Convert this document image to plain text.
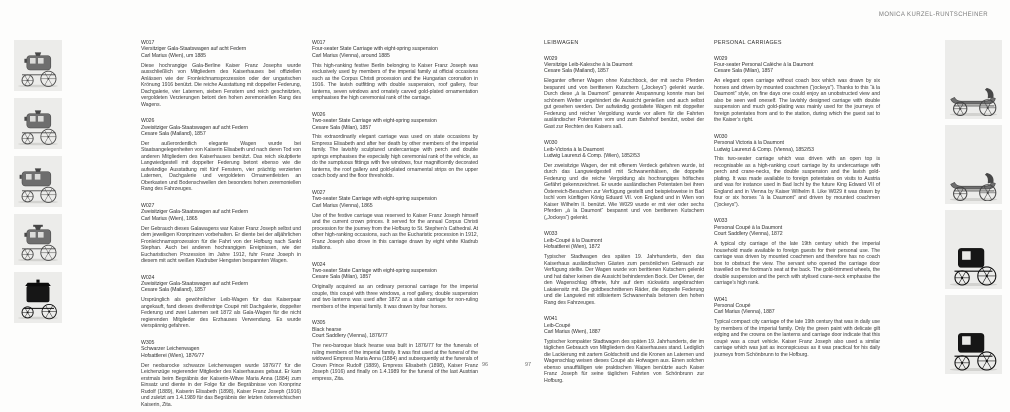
MONICA KURZEL-RUNTSCHEINER
W017
Viersitziger Gala-Staatswagen auf acht Federn
Carl Marius (Wien), um 1885
Diese hochrangige Gala-Berline Kaiser Franz Josephs wurde ausschließlich von Mitgliedern des Kaiserhauses bei offiziellen Anlässen wie der Fronleichnamsprozession oder der ungarischen Krönung 1916 benützt. Die reiche Ausstattung mit doppelter Federung, Dachgalerie, vier Laternen, sieben Fenstern und reich geschnitzten, vergoldeten Verzierungen betont den hohen zeremoniellen Rang des Wagens.
W026
Zweisitziger Gala-Staatswagen auf acht Federn
Cesare Sala (Mailand), 1857
Der außerordentlich elegante Wagen wurde bei Staatsangelegenheiten von Kaiserin Elisabeth und nach deren Tod von anderen Mitgliedern des Kaiserhauses benützt. Das reich skulptierte Langwiedgestell mit doppelter Federung betont ebenso wie die aufwändige Ausstattung mit fünf Fenstern, vier prächtig verzierten Laternen, Dachgalerie und vergoldeten Ornamentleisten an Oberkasten und Bodenschwellen den besonders hohen zeremoniellen Rang des Fahrzeuges.
W027
Zweisitziger Gala-Staatswagen auf acht Federn
Carl Marius (Wien), 1865
Der Gebrauch dieses Galawagens war Kaiser Franz Joseph selbst und dem jeweiligen Kronprinzen vorbehalten. Er diente bei der alljährlichen Fronleichnamsprozession für die Fahrt von der Hofburg nach Sankt Stephan. Auch bei anderen hochrangigen Ereignissen, wie der Eucharistischen Prozession im Jahre 1912, fuhr Franz Joseph in diesem mit acht weißen Kladruber Hengsten bespannten Wagen.
W024
Zweisitziger Gala-Staatswagen auf acht Federn
Cesare Sala (Mailand), 1857
Ursprünglich als gewöhnlicher Leib-Wagen für das Kaiserpaar angekauft, fand dieses dreifenstrige Coupé mit Dachgalerie, doppelter Federung und zwei Laternen seit 1872 als Gala-Wagen für die nicht regierenden Mitglieder des Erzhauses Verwendung. Es wurde vierspännig gefahren.
W305
Schwarzer Leichenwagen
Hofsattlerei (Wien), 1876/77
Der neobarocke schwarze Leichenwagen wurde 1876/77 für die Leichenzüge regierender Mitglieder des Kaiserhauses gebaut. Er kam erstmals beim Begräbnis der Kaiserin-Witwe Maria Anna (1884) zum Einsatz und diente in der Folge für die Begräbnisse von Kronprinz Rudolf (1889), Kaiserin Elisabeth (1898), Kaiser Franz Joseph (1916) und zuletzt am 1.4.1989 für das Begräbnis der letzten österreichischen Kaiserin, Zita.
W017
Four-seater State Carriage with eight-spring suspension
Carl Marius (Vienna), around 1885
This high-ranking festive Berlin belonging to Kaiser Franz Joseph was exclusively used by members of the imperial family at official occasions such as the Corpus Christi procession and the Hungarian coronation in 1916. The lavish outfitting with double suspension, roof gallery, four lanterns, seven windows and ornately carved gold-plated ornamentation emphasises the high ceremonial rank of the carriage.
W026
Two-seater State Carriage with eight-spring suspension
Cesare Sala (Milan), 1857
This extraordinarily elegant carriage was used on state occasions by Empress Elisabeth and after her death by other members of the imperial family. The lavishly sculptured undercarriage with perch and double springs emphasises the especially high ceremonial rank of the vehicle, as do the sumptuous fittings with five windows, four magnificently decorated lanterns, the roof gallery and gold-plated ornamental strips on the upper coach body and the floor thresholds.
W027
Two-seater State Carriage with eight-spring suspension
Carl Marius (Vienna), 1865
Use of the festive carriage was reserved to Kaiser Franz Joseph himself and the current crown princes. It served for the annual Corpus Christi procession for the journey from the Hofburg to St. Stephen's Cathedral. At other high-ranking occasions, such as the Eucharistic procession in 1912, Franz Joseph also drove in this carriage drawn by eight white Kladrub stallions.
W024
Two-seater State Carriage with eight-spring suspension
Cesare Sala (Milan), 1857
Originally acquired as an ordinary personal carriage for the imperial couple, this coupé with three windows, a roof gallery, double suspension and two lanterns was used after 1872 as a state carriage for non-ruling members of the imperial family. It was drawn by four horses.
W305
Black hearse
Court Saddlery (Vienna), 1876/77
The neo-baroque black hearse was built in 1876/77 for the funerals of ruling members of the imperial family. It was first used at the funeral of the widowed Empress Maria Anna (1884) and subsequently at the funerals of Crown Prince Rudolf (1889), Empress Elisabeth (1898), Kaiser Franz Joseph (1916) and finally on 1.4.1989 for the funeral of the last Austrian empress, Zita.
LEIBWAGEN
W029
Viersitzige Leib-Kalesche à la Daumont
Cesare Sala (Mailand), 1857
Eleganter offener Wagen ohne Kutschbock, der mit sechs Pferden bespannt und von berittenen Kutschern („Jockeys“) gelenkt wurde. Durch diese „à la Daumont“ genannte Anspannung konnte man bei schönem Wetter ungehindert die Aussicht genießen und auch selbst gut gesehen werden. Der aufwändig gestaltete Wagen mit doppelter Federung und reicher Vergoldung wurde vor allem für die Fahrten ausländischer Potentaten vom und zum Bahnhof benützt, wobei der Gast zur Rechten des Kaisers saß.
W030
Leib-Victoria à la Daumont
Ludwig Laurenzi & Comp. (Wien), 1852/53
Der zweisitzige Wagen, der mit offenem Verdeck gefahren wurde, ist durch das Langwiedgestell mit Schwanenhälsen, die doppelte Federung und die reiche Vergoldung als hochrangiges höfisches Gefährt gekennzeichnet. Er wurde ausländischen Potentaten bei ihren Österreich-Besuchen zur Verfügung gestellt und beispielsweise in Bad Ischl vom künftigen König Eduard VII. von England und in Wien von Kaiser Wilhelm II. benützt. Wie W029 wurde er mit vier oder sechs Pferden „à la Daumont“ bespannt und von berittenen Kutschern („Jockeys“) gelenkt.
W033
Leib-Coupé à la Daumont
Hofsattlerei (Wien), 1872
Typischer Stadtwagen des späten 19. Jahrhunderts, den das Kaiserhaus ausländischen Gästen zum persönlichen Gebrauch zur Verfügung stellte. Der Wagen wurde von berittenen Kutschern gelenkt und hat daher keinen die Aussicht behindernden Bock. Der Diener, der den Wagenschlag öffnete, fuhr auf dem rückwärts angebrachten Lakaiensitz mit. Die goldbeschnittenen Räder, die doppelte Federung und die Langwied mit stilisiertem Schwanenhals betonen den hohen Rang des Fahrzeuges.
W041
Leib-Coupé
Carl Marius (Wien), 1887
Typischer kompakter Stadtwagen des späten 19. Jahrhunderts, der im täglichen Gebrauch von Mitgliedern des Kaiserhauses stand. Lediglich die Lackierung mit zartem Goldschnitt und die Kronen an Laternen und Wagenschlag weisen dieses Coupé als Hofwagen aus. Einen solchen ebenso unauffälligen wie praktischen Wagen benützte auch Kaiser Franz Joseph für seine täglichen Fahrten von Schönbrunn zur Hofburg.
PERSONAL CARRIAGES
W029
Four-seater Personal Calèche à la Daumont
Cesare Sala (Milan), 1857
An elegant open carriage without coach box which was drawn by six horses and driven by mounted coachmen (“jockeys”). Thanks to this “à la Daumont” style, on fine days one could enjoy an unobstructed view and also be seen well oneself. The lavishly designed carriage with double suspension and much gold-plating was mainly used for the journeys of foreign potentates from and to the station, during which the guest sat to the Kaiser’s right.
W030
Personal Victoria à la Daumont
Ludwig Laurenzi & Comp. (Vienna), 1852/53
This two-seater carriage which was driven with an open top is recognisable as a high-ranking court carriage by its undercarriage with perch and crane-necks, the double suspension and the lavish gold-plating. It was made available to foreign potentates on visits to Austria and was for instance used in Bad Ischl by the future King Edward VII of England and in Vienna by Kaiser Wilhelm II. Like W029 it was drawn by four or six horses “à la Daumont” and driven by mounted coachmen (“jockeys”).
W033
Personal Coupé à la Daumont
Court Saddlery (Vienna), 1872
A typical city carriage of the late 19th century which the imperial household made available to foreign guests for their personal use. The carriage was driven by mounted coachmen and therefore has no coach box to obstruct the view. The servant who opened the carriage door travelled on the footman’s seat at the back. The gold-trimmed wheels, the double suspension and the perch with stylised crane-neck emphasise the carriage’s high rank.
W041
Personal Coupé
Carl Marius (Vienna), 1887
Typical compact city carriage of the late 19th century that was in daily use by members of the imperial family. Only the green paint with delicate gilt edging and the crowns on the lanterns and carriage door indicate that this coupé was a court vehicle. Kaiser Franz Joseph also used a similar carriage which was just as inconspicuous as it was practical for his daily journeys from Schönbrunn to the Hofburg.
96	97
